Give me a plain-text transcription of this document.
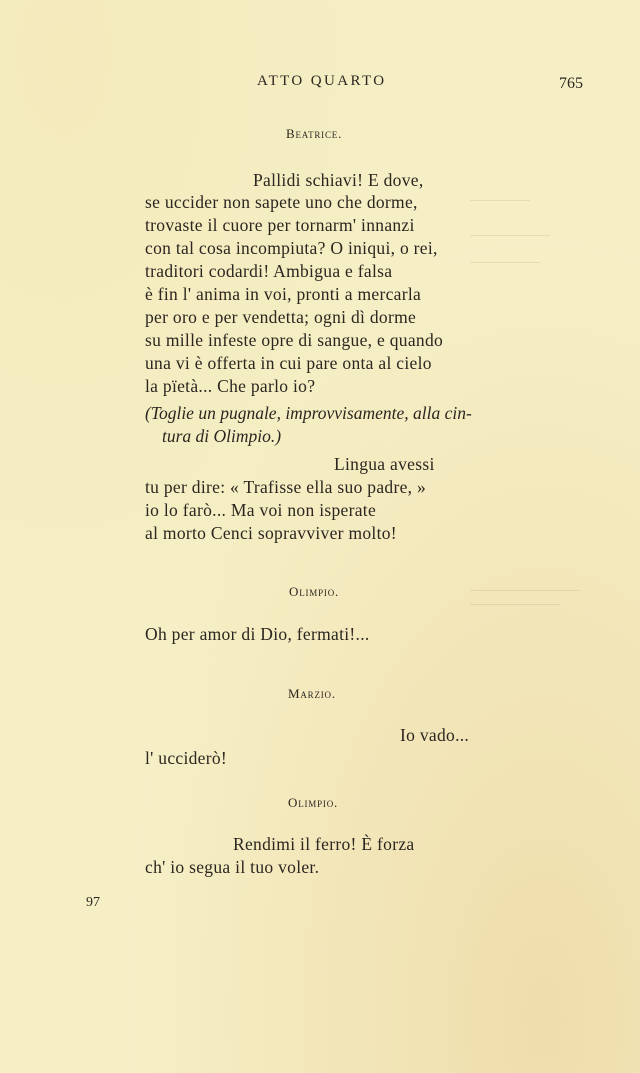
ATTO QUARTO	765
Beatrice.
Pallidi schiavi! E dove,
se uccider non sapete uno che dorme,
trovaste il cuore per tornarm' innanzi
con tal cosa incompiuta? O iniqui, o rei,
traditori codardi! Ambigua e falsa
è fin l' anima in voi, pronti a mercarla
per oro e per vendetta; ogni dì dorme
su mille infeste opre di sangue, e quando
una vi è offerta in cui pare onta al cielo
la pïetà... Che parlo io?
(Toglie un pugnale, improvvisamente, alla cin-
tura di Olimpio.)
Lingua avessi
tu per dire: « Trafisse ella suo padre, »
io lo farò... Ma voi non isperate
al morto Cenci sopravviver molto!
Olimpio.
Oh per amor di Dio, fermati!...
Marzio.
Io vado...
l' ucciderò!
Olimpio.
Rendimi il ferro! È forza
ch' io segua il tuo voler.
97
